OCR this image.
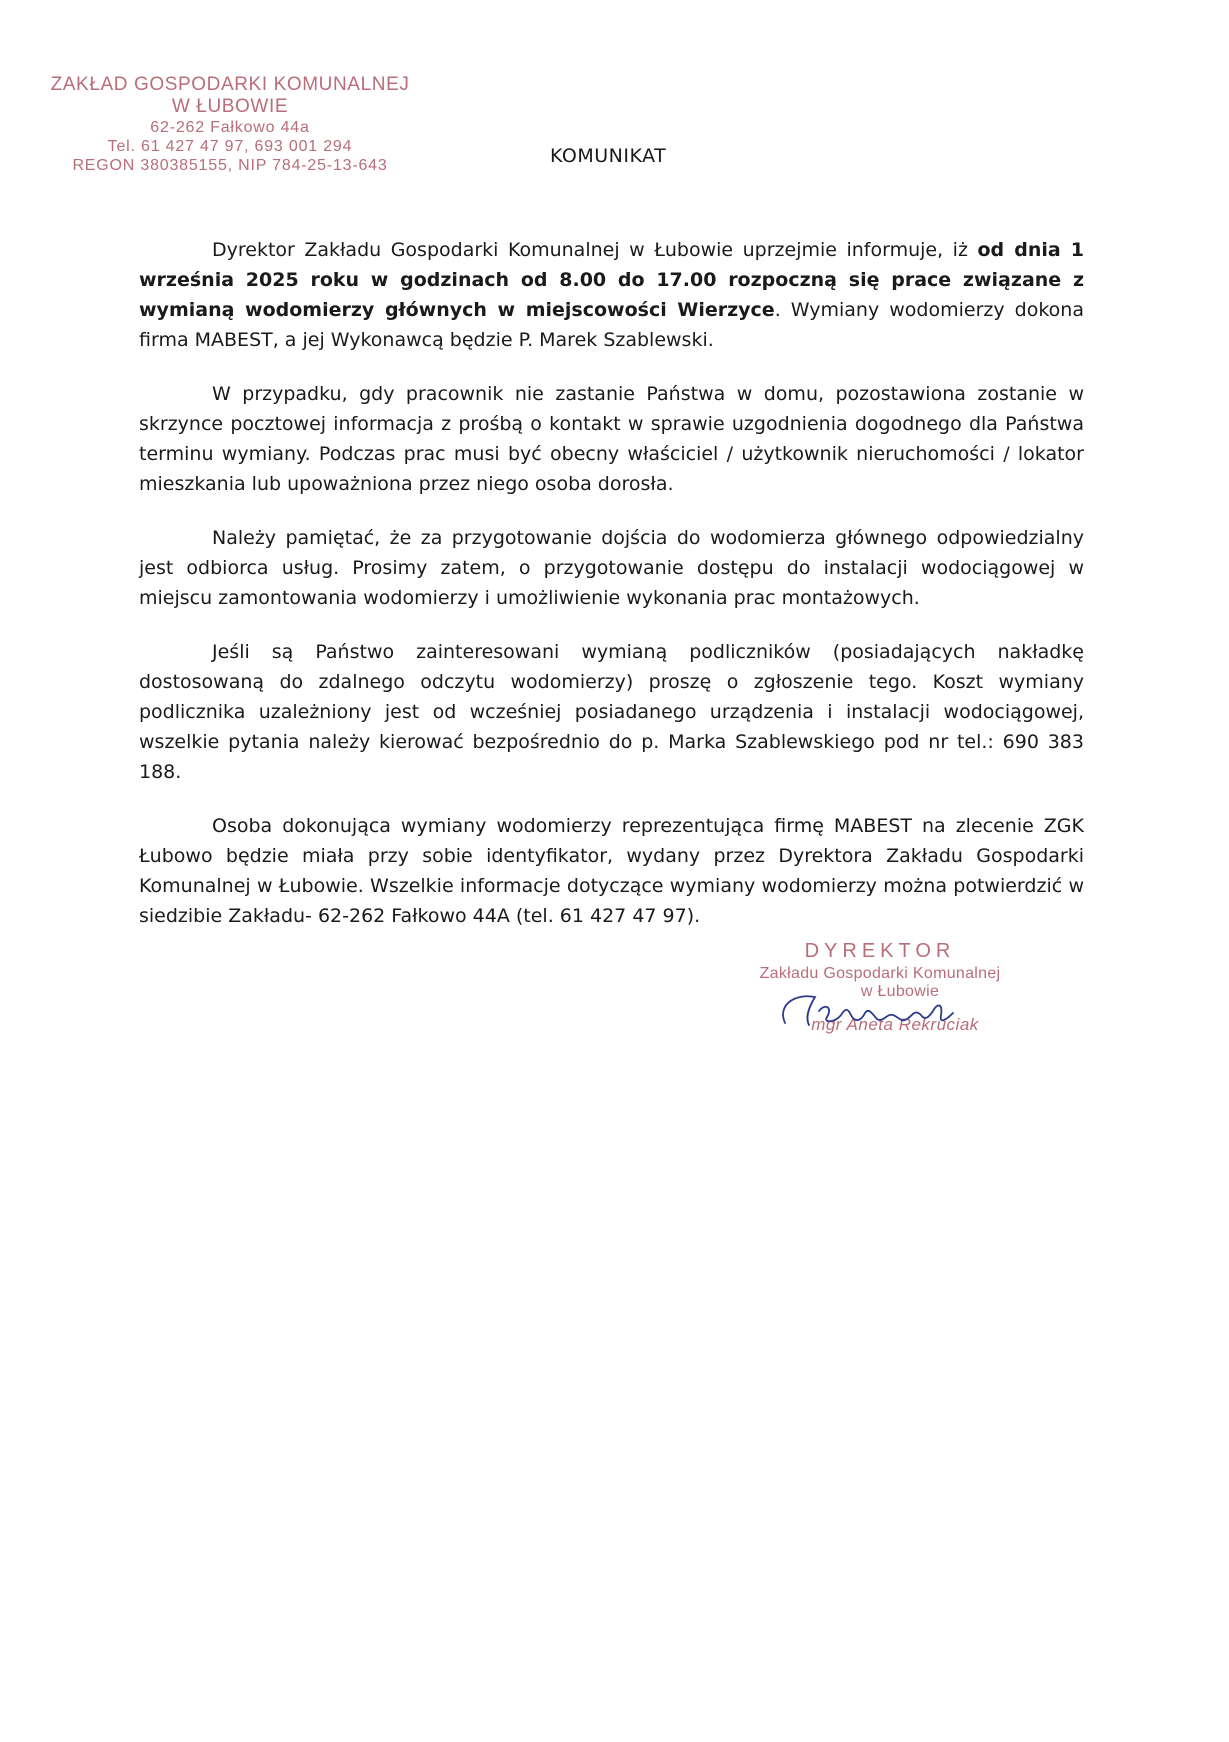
ZAKŁAD GOSPODARKI KOMUNALNEJ
W ŁUBOWIE
62-262 Fałkowo 44a
Tel. 61 427 47 97, 693 001 294
REGON 380385155, NIP 784-25-13-643	KOMUNIKAT

Dyrektor Zakładu Gospodarki Komunalnej w Łubowie uprzejmie informuje, iż od dnia 1 września 2025 roku w godzinach od 8.00 do 17.00 rozpoczną się prace związane z wymianą wodomierzy głównych w miejscowości Wierzyce. Wymiany wodomierzy dokona firma MABEST, a jej Wykonawcą będzie P. Marek Szablewski.

W przypadku, gdy pracownik nie zastanie Państwa w domu, pozostawiona zostanie w skrzynce pocztowej informacja z prośbą o kontakt w sprawie uzgodnienia dogodnego dla Państwa terminu wymiany. Podczas prac musi być obecny właściciel / użytkownik nieruchomości / lokator mieszkania lub upoważniona przez niego osoba dorosła.

Należy pamiętać, że za przygotowanie dojścia do wodomierza głównego odpowiedzialny jest odbiorca usług. Prosimy zatem, o przygotowanie dostępu do instalacji wodociągowej w miejscu zamontowania wodomierzy i umożliwienie wykonania prac montażowych.

Jeśli są Państwo zainteresowani wymianą podliczników (posiadających nakładkę dostosowaną do zdalnego odczytu wodomierzy) proszę o zgłoszenie tego. Koszt wymiany podlicznika uzależniony jest od wcześniej posiadanego urządzenia i instalacji wodociągowej, wszelkie pytania należy kierować bezpośrednio do p. Marka Szablewskiego pod nr tel.: 690 383 188.

Osoba dokonująca wymiany wodomierzy reprezentująca firmę MABEST na zlecenie ZGK Łubowo będzie miała przy sobie identyfikator, wydany przez Dyrektora Zakładu Gospodarki Komunalnej w Łubowie. Wszelkie informacje dotyczące wymiany wodomierzy można potwierdzić w siedzibie Zakładu- 62-262 Fałkowo 44A (tel. 61 427 47 97).

DYREKTOR
Zakładu Gospodarki Komunalnej
w Łubowie
mgr Aneta Rekruciak
